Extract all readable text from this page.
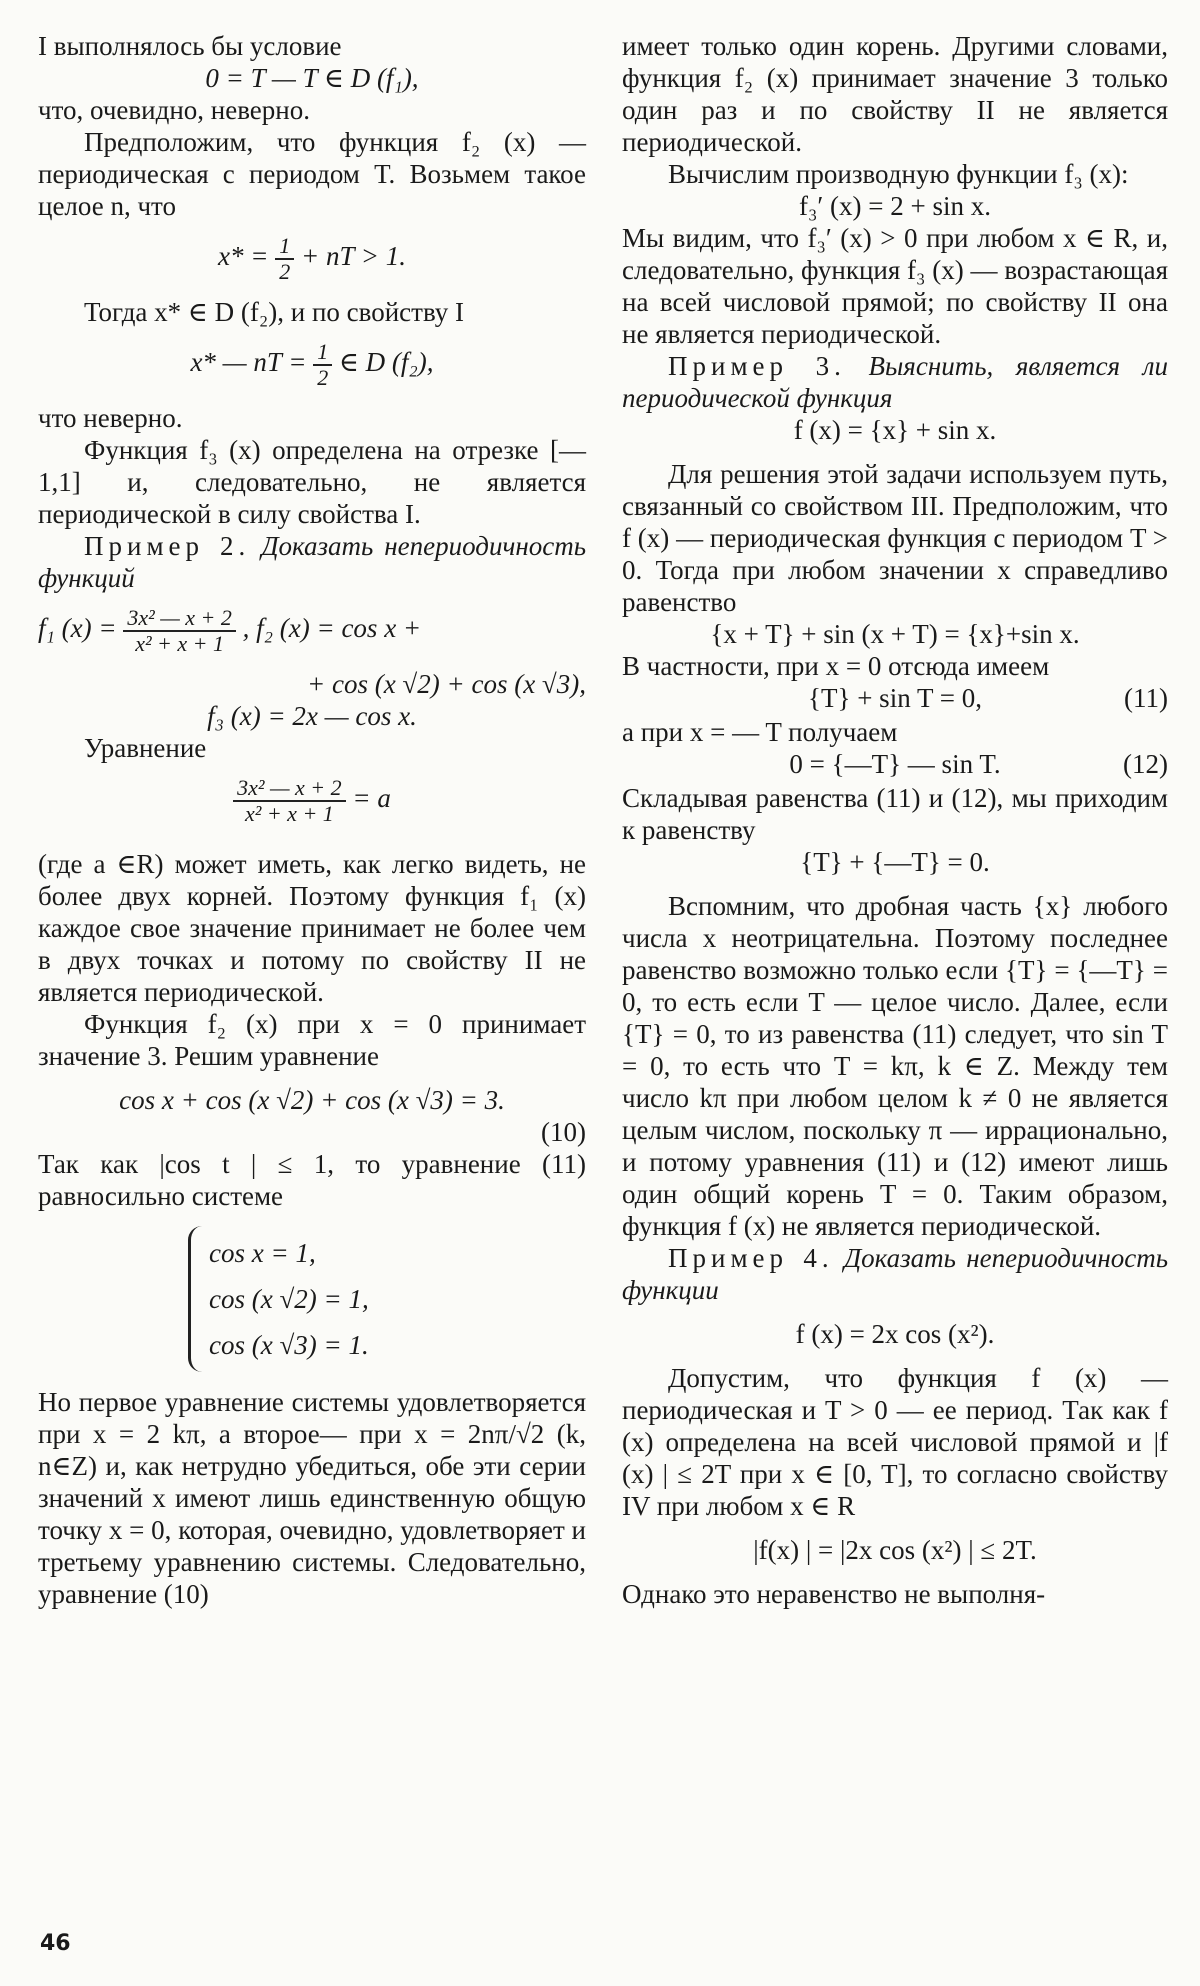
I выполнялось бы условие

0 = T — T ∈ D (f₁),

что, очевидно, неверно.

Предположим, что функция f₂ (x) — периодическая с периодом T. Возьмем такое целое n, что

$x* = \frac{1}{2}$ + nT > 1.

Тогда x* ∈ D (f₂), и по свойству I

x* — nT = $\frac{1}{2}$ ∈ D (f₂),

что неверно.

Функция f₃ (x) определена на отрезке [—1,1] и, следовательно, не является периодической в силу свойства I.

Пример 2. Доказать непериодичность функций

f₁ $(x) = \frac{\text{3x² — x + 2}}{\text{x² + x + 1}}$ , f₂ (x) = cos x +
+ cos (x √2) + cos (x √3),
f₃ (x) = 2x — cos x.

Уравнение

$\frac{\text{3x² — x + 2}}{\text{x² + x + 1}} = a$

(где a ∈R) может иметь, как легко видеть, не более двух корней. Поэтому функция f₁ (x) каждое свое значение принимает не более чем в двух точках и потому по свойству II не является периодической.

Функция f₂ (x) при x = 0 принимает значение 3. Решим уравнение

cos x + cos (x √2) + cos (x √3) = 3.
(10)

Так как |cos t | ≤ 1, то уравнение (11) равносильно системе

cos x = 1,
cos (x √2) = 1,
cos (x √3) = 1.

Но первое уравнение системы удовлетворяется при x = 2 kπ, а второе— при x = 2nπ/√2 (k, n∈Z) и, как нетрудно убедиться, обе эти серии значений x имеют лишь единственную общую точку x = 0, которая, очевидно, удовлетворяет и третьему уравнению системы. Следовательно, уравнение (10)

имеет только один корень. Другими словами, функция f₂ (x) принимает значение 3 только один раз и по свойству II не является периодической.

Вычислим производную функции f₃ (x):

f₃′ (x) = 2 + sin x.

Мы видим, что f₃′ (x) > 0 при любом x ∈ R, и, следовательно, функция f₃ (x) — возрастающая на всей числовой прямой; по свойству II она не является периодической.

Пример 3. Выяснить, является ли периодической функция

f (x) = {x} + sin x.

Для решения этой задачи используем путь, связанный со свойством III. Предположим, что f (x) — периодическая функция с периодом T > 0. Тогда при любом значении x справедливо равенство

{x + T} + sin (x + T) = {x}+sin x.

В частности, при x = 0 отсюда имеем

{T} + sin T = 0,	(11)

а при x = — T получаем

0 = {—T} — sin T.	(12)

Складывая равенства (11) и (12), мы приходим к равенству

{T} + {—T} = 0.

Вспомним, что дробная часть {x} любого числа x неотрицательна. Поэтому последнее равенство возможно только если {T} = {—T} = 0, то есть если T — целое число. Далее, если {T} = 0, то из равенства (11) следует, что sin T = 0, то есть что T = kπ, k ∈ Z. Между тем число kπ при любом целом k ≠ 0 не является целым числом, поскольку π — иррационально, и потому уравнения (11) и (12) имеют лишь один общий корень T = 0. Таким образом, функция f (x) не является периодической.

Пример 4. Доказать непериодичность функции

f (x) = 2x cos (x²).

Допустим, что функция f (x) — периодическая и T > 0 — ее период. Так как f (x) определена на всей числовой прямой и |f (x) | ≤ 2T при x ∈ [0, T], то согласно свойству IV при любом x ∈ R

|f(x) | = |2x cos (x²) | ≤ 2T.

Однако это неравенство не выполня-

46
